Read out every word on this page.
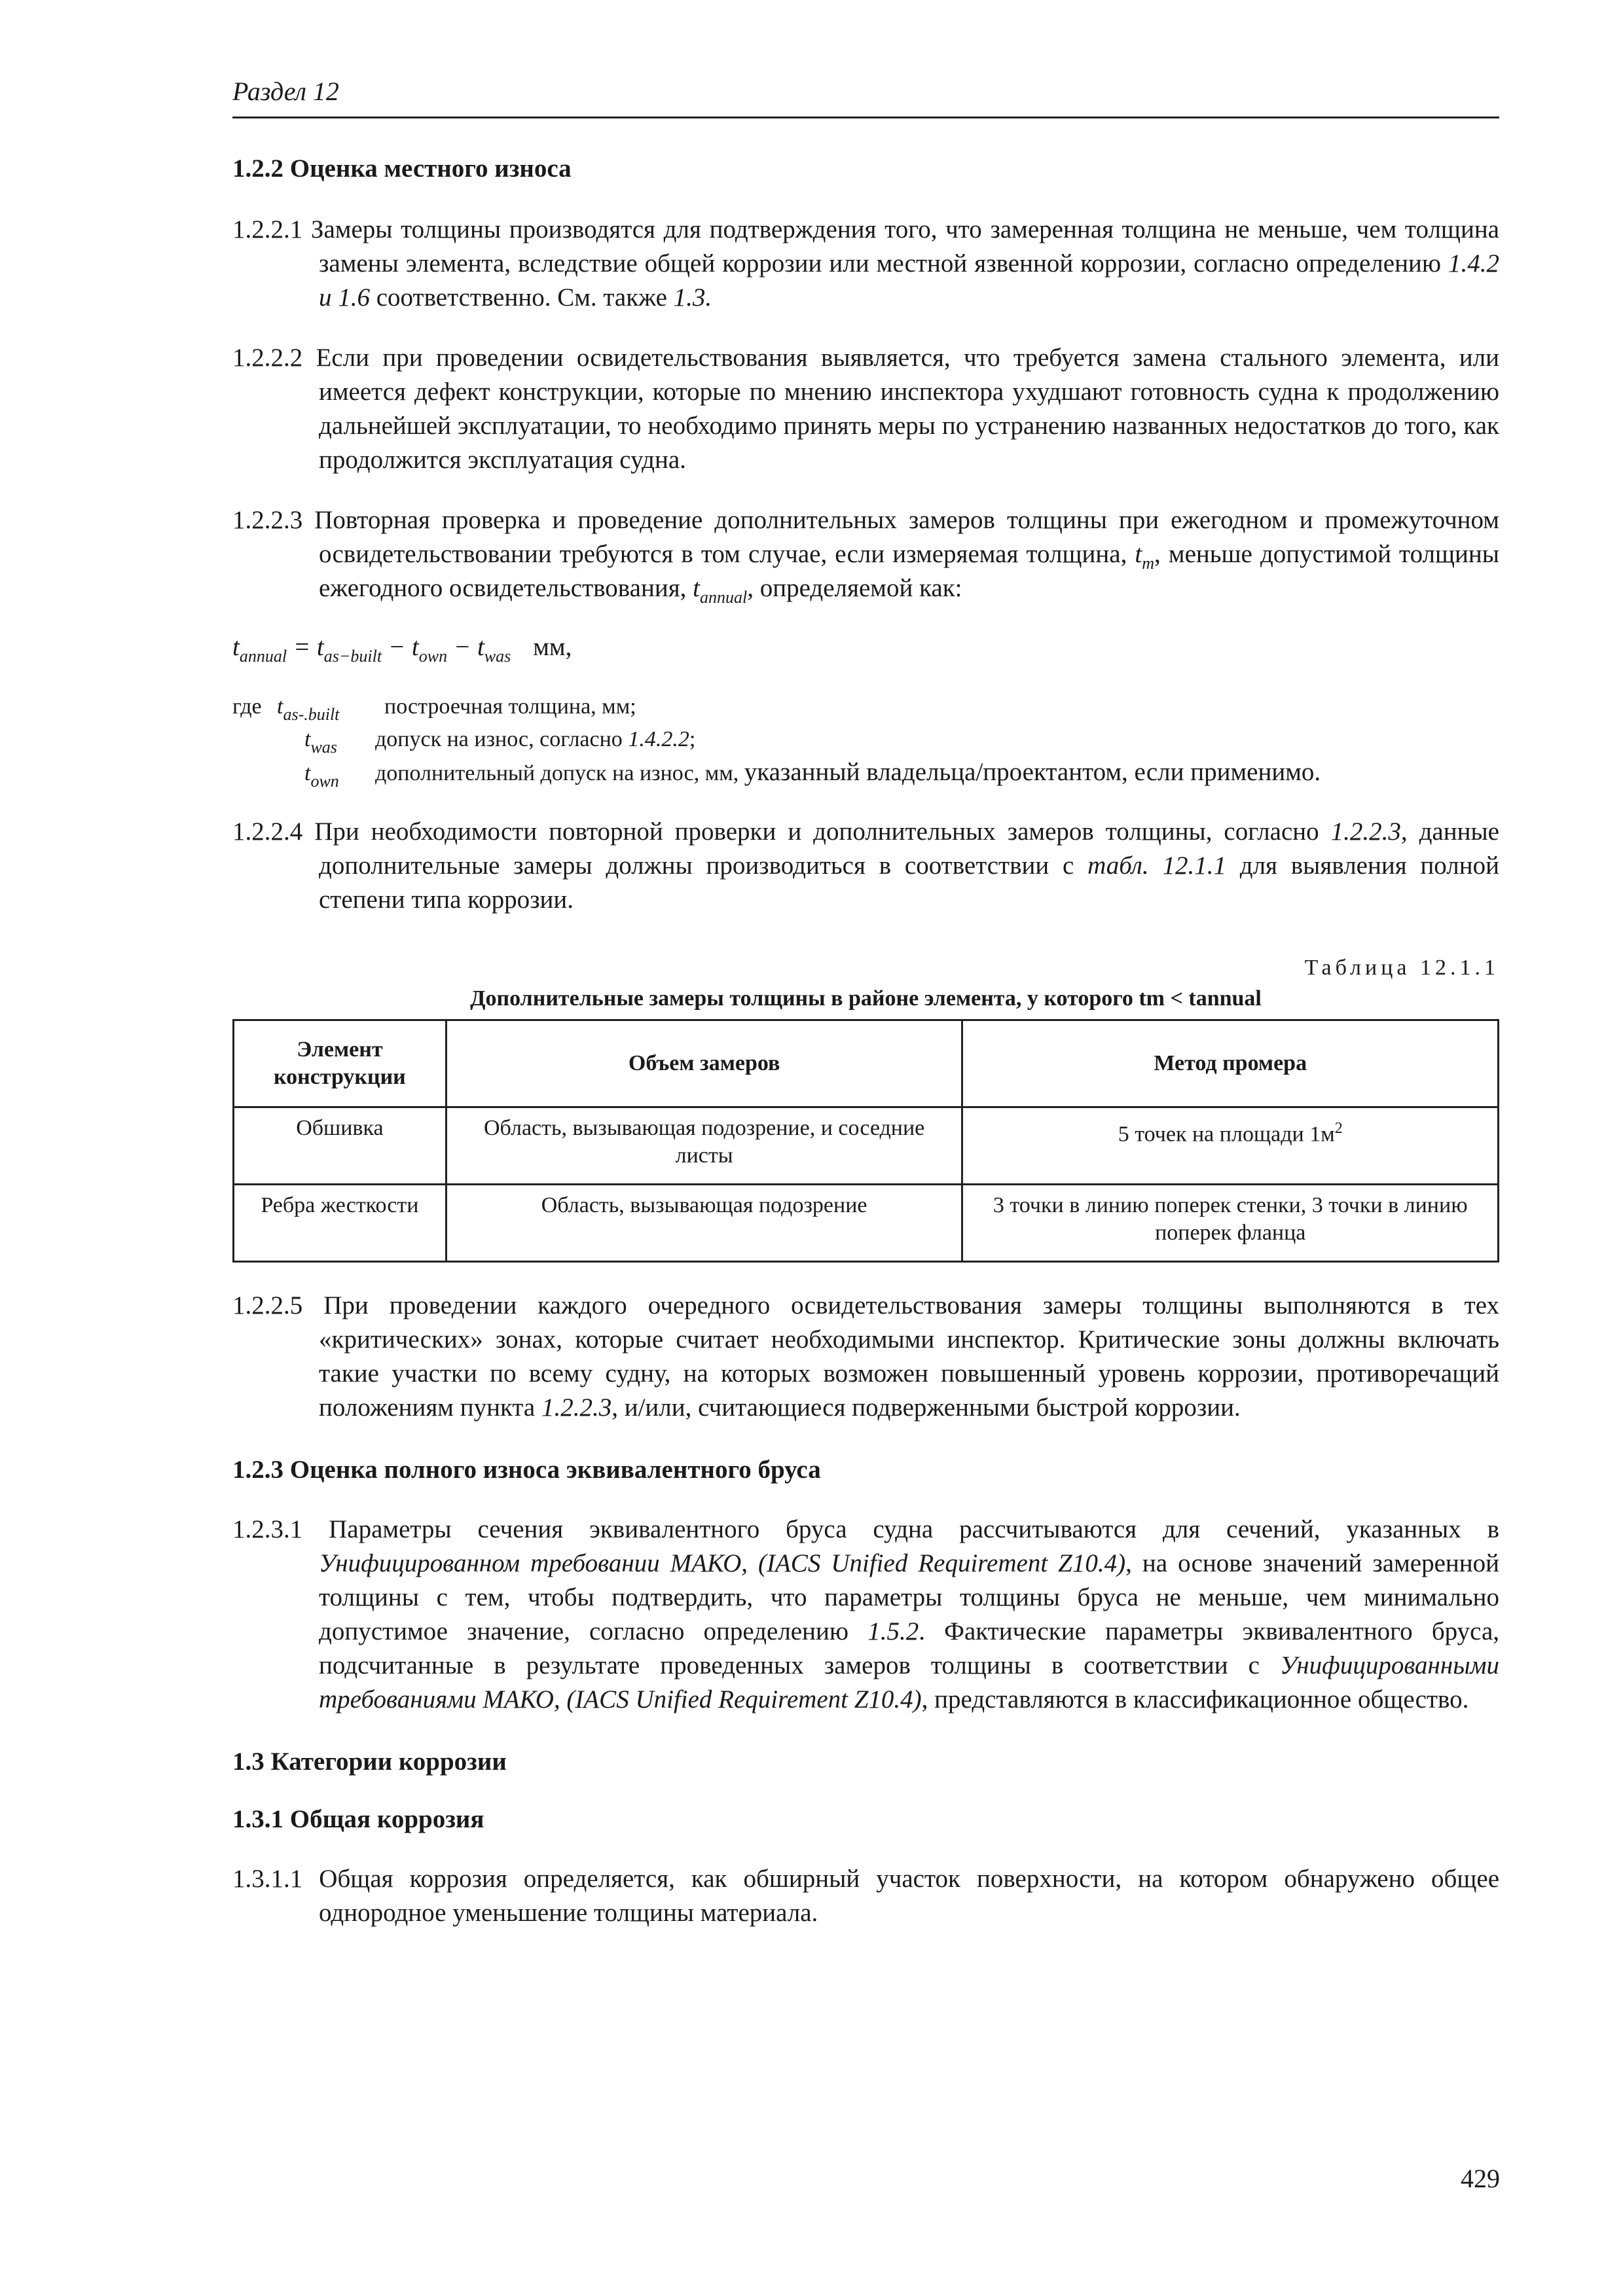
Раздел 12

1.2.2 Оценка местного износа

1.2.2.1 Замеры толщины производятся для подтверждения того, что замеренная толщина не меньше, чем толщина замены элемента, вследствие общей коррозии или местной язвенной коррозии, согласно определению 1.4.2 и 1.6 соответственно. См. также 1.3.

1.2.2.2 Если при проведении освидетельствования выявляется, что требуется замена стального элемента, или имеется дефект конструкции, которые по мнению инспектора ухудшают готовность судна к продолжению дальнейшей эксплуатации, то необходимо принять меры по устранению названных недостатков до того, как продолжится эксплуатация судна.

1.2.2.3 Повторная проверка и проведение дополнительных замеров толщины при ежегодном и промежуточном освидетельствовании требуются в том случае, если измеряемая толщина, $t_m$, меньше допустимой толщины ежегодного освидетельствования, $t_{annual}$, определяемой как:

$t_{annual} = t_{as-built} - t_{own} - t_{was}$ мм,

где $t_{as-.built}$	построечная толщина, мм;
$t_{was}$	допуск на износ, согласно 1.4.2.2;
$t_{own}$	дополнительный допуск на износ, мм, указанный владельца/проектантом, если применимо.

1.2.2.4 При необходимости повторной проверки и дополнительных замеров толщины, согласно 1.2.2.3, данные дополнительные замеры должны производиться в соответствии с табл. 12.1.1 для выявления полной степени типа коррозии.

Таблица 12.1.1

Дополнительные замеры толщины в районе элемента, у которого tm < tannual

Элемент конструкции	Объем замеров	Метод промера
Обшивка	Область, вызывающая подозрение, и соседние листы	5 точек на площади $1м^2$
Ребра жесткости	Область, вызывающая подозрение	3 точки в линию поперек стенки, 3 точки в линию поперек фланца

1.2.2.5 При проведении каждого очередного освидетельствования замеры толщины выполняются в тех «критических» зонах, которые считает необходимыми инспектор. Критические зоны должны включать такие участки по всему судну, на которых возможен повышенный уровень коррозии, противоречащий положениям пункта 1.2.2.3, и/или, считающиеся подверженными быстрой коррозии.

1.2.3 Оценка полного износа эквивалентного бруса

1.2.3.1 Параметры сечения эквивалентного бруса судна рассчитываются для сечений, указанных в Унифицированном требовании МАКО, (IACS Unified Requirement Z10.4), на основе значений замеренной толщины с тем, чтобы подтвердить, что параметры толщины бруса не меньше, чем минимально допустимое значение, согласно определению 1.5.2. Фактические параметры эквивалентного бруса, подсчитанные в результате проведенных замеров толщины в соответствии с Унифицированными требованиями МАКО, (IACS Unified Requirement Z10.4), представляются в классификационное общество.

1.3 Категории коррозии

1.3.1 Общая коррозия

1.3.1.1 Общая коррозия определяется, как обширный участок поверхности, на котором обнаружено общее однородное уменьшение толщины материала.

429
